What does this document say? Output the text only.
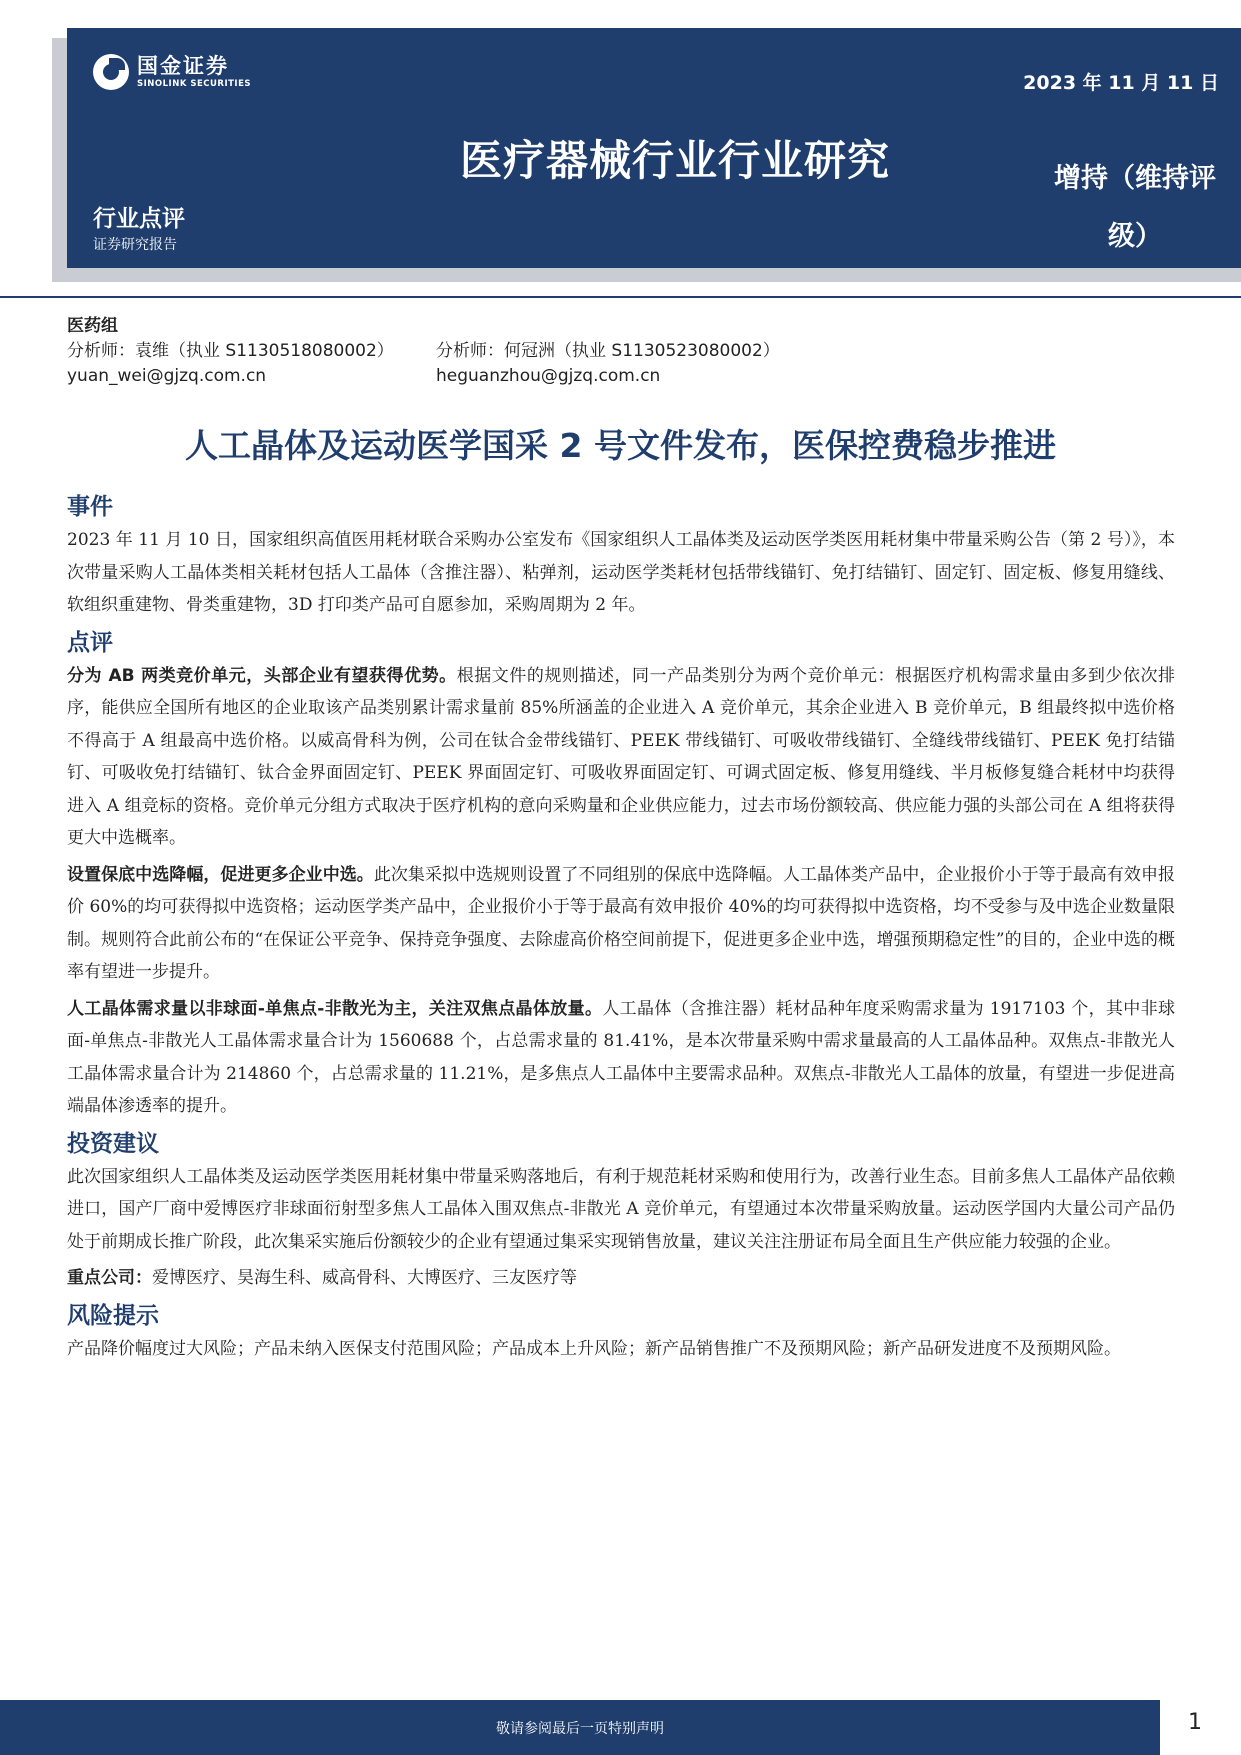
国金证券
SINOLINK SECURITIES	2023 年 11 月 11 日
医疗器械行业行业研究	增持（维持评
级）
行业点评
证券研究报告
医药组
分析师：袁维（执业 S1130518080002）
yuan_wei@gjzq.com.cn
分析师：何冠洲（执业 S1130523080002）
heguanzhou@gjzq.com.cn
人工晶体及运动医学国采 2 号文件发布，医保控费稳步推进
事件

2023 年 11 月 10 日，国家组织高值医用耗材联合采购办公室发布《国家组织人工晶体类及运动医学类医用耗材集中带量采购公告（第 2 号）》，本次带量采购人工晶体类相关耗材包括人工晶体（含推注器）、粘弹剂，运动医学类耗材包括带线锚钉、免打结锚钉、固定钉、固定板、修复用缝线、软组织重建物、骨类重建物，3D 打印类产品可自愿参加，采购周期为 2 年。

点评

分为 AB 两类竞价单元，头部企业有望获得优势。根据文件的规则描述，同一产品类别分为两个竞价单元：根据医疗机构需求量由多到少依次排序，能供应全国所有地区的企业取该产品类别累计需求量前 85%所涵盖的企业进入 A 竞价单元，其余企业进入 B 竞价单元，B 组最终拟中选价格不得高于 A 组最高中选价格。以威高骨科为例，公司在钛合金带线锚钉、PEEK 带线锚钉、可吸收带线锚钉、全缝线带线锚钉、PEEK 免打结锚钉、可吸收免打结锚钉、钛合金界面固定钉、PEEK 界面固定钉、可吸收界面固定钉、可调式固定板、修复用缝线、半月板修复缝合耗材中均获得进入 A 组竞标的资格。竞价单元分组方式取决于医疗机构的意向采购量和企业供应能力，过去市场份额较高、供应能力强的头部公司在 A 组将获得更大中选概率。

设置保底中选降幅，促进更多企业中选。此次集采拟中选规则设置了不同组别的保底中选降幅。人工晶体类产品中，企业报价小于等于最高有效申报价 60%的均可获得拟中选资格；运动医学类产品中，企业报价小于等于最高有效申报价 40%的均可获得拟中选资格，均不受参与及中选企业数量限制。规则符合此前公布的“在保证公平竞争、保持竞争强度、去除虚高价格空间前提下，促进更多企业中选，增强预期稳定性”的目的，企业中选的概率有望进一步提升。

人工晶体需求量以非球面-单焦点-非散光为主，关注双焦点晶体放量。人工晶体（含推注器）耗材品种年度采购需求量为 1917103 个，其中非球面-单焦点-非散光人工晶体需求量合计为 1560688 个，占总需求量的 81.41%，是本次带量采购中需求量最高的人工晶体品种。双焦点-非散光人工晶体需求量合计为 214860 个，占总需求量的 11.21%，是多焦点人工晶体中主要需求品种。双焦点-非散光人工晶体的放量，有望进一步促进高端晶体渗透率的提升。

投资建议

此次国家组织人工晶体类及运动医学类医用耗材集中带量采购落地后，有利于规范耗材采购和使用行为，改善行业生态。目前多焦人工晶体产品依赖进口，国产厂商中爱博医疗非球面衍射型多焦人工晶体入围双焦点-非散光 A 竞价单元，有望通过本次带量采购放量。运动医学国内大量公司产品仍处于前期成长推广阶段，此次集采实施后份额较少的企业有望通过集采实现销售放量，建议关注注册证布局全面且生产供应能力较强的企业。

重点公司：爱博医疗、昊海生科、威高骨科、大博医疗、三友医疗等

风险提示

产品降价幅度过大风险；产品未纳入医保支付范围风险；产品成本上升风险；新产品销售推广不及预期风险；新产品研发进度不及预期风险。

敬请参阅最后一页特别声明	1
